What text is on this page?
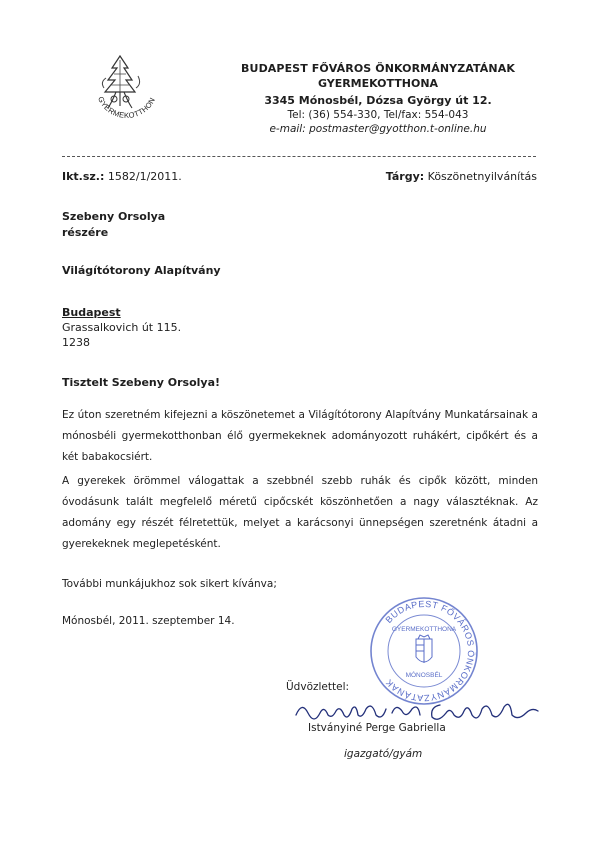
GYERMEKOTTHON
BUDAPEST FŐVÁROS ÖNKORMÁNYZATÁNAK
GYERMEKOTTHONA
3345 Mónosbél, Dózsa György út 12.
Tel: (36) 554-330, Tel/fax: 554-043
e-mail: postmaster@gyotthon.t-online.hu
Ikt.sz.: 1582/1/2011.	Tárgy: Köszönetnyilvánítás
Szebeny Orsolya
részére
Világítótorony Alapítvány
Budapest
Grassalkovich út 115.
1238
Tisztelt Szebeny Orsolya!

Ez úton szeretném kifejezni a köszönetemet a Világítótorony Alapítvány Munkatársainak a mónosbéli gyermekotthonban élő gyermekeknek adományozott ruhákért, cipőkért és a két babakocsiért.

A gyerekek örömmel válogattak a szebbnél szebb ruhák és cipők között, minden óvodásunk talált megfelelő méretű cipőcskét köszönhetően a nagy választéknak. Az adomány egy részét félretettük, melyet a karácsonyi ünnepségen szeretnénk átadni a gyerekeknek meglepetésként.

További munkájukhoz sok sikert kívánva;
Mónosbél, 2011. szeptember 14.	BUDAPEST FŐVÁROS ÖNKORMÁNYZATÁNAK
GYERMEKOTTHONA
MÓNOSBÉL
Üdvözlettel:
Istványiné Perge Gabriella
igazgató/gyám
